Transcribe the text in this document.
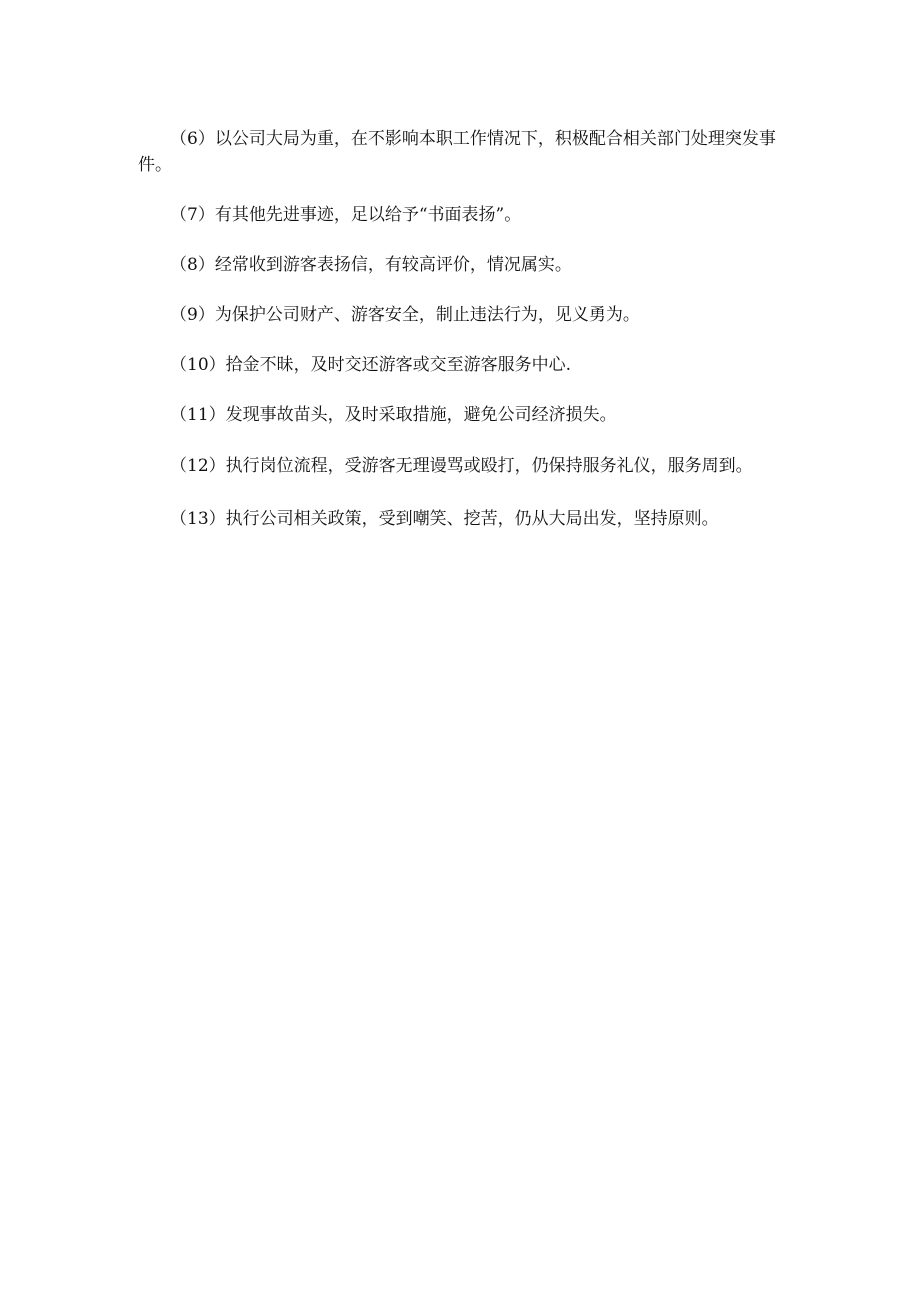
（6）以公司大局为重，在不影响本职工作情况下，积极配合相关部门处理突发事件。

（7）有其他先进事迹，足以给予“书面表扬”。

（8）经常收到游客表扬信，有较高评价，情况属实。

（9）为保护公司财产、游客安全，制止违法行为，见义勇为。

（10）拾金不昧，及时交还游客或交至游客服务中心.

（11）发现事故苗头，及时采取措施，避免公司经济损失。

（12）执行岗位流程，受游客无理谩骂或殴打，仍保持服务礼仪，服务周到。

（13）执行公司相关政策，受到嘲笑、挖苦，仍从大局出发，坚持原则。
